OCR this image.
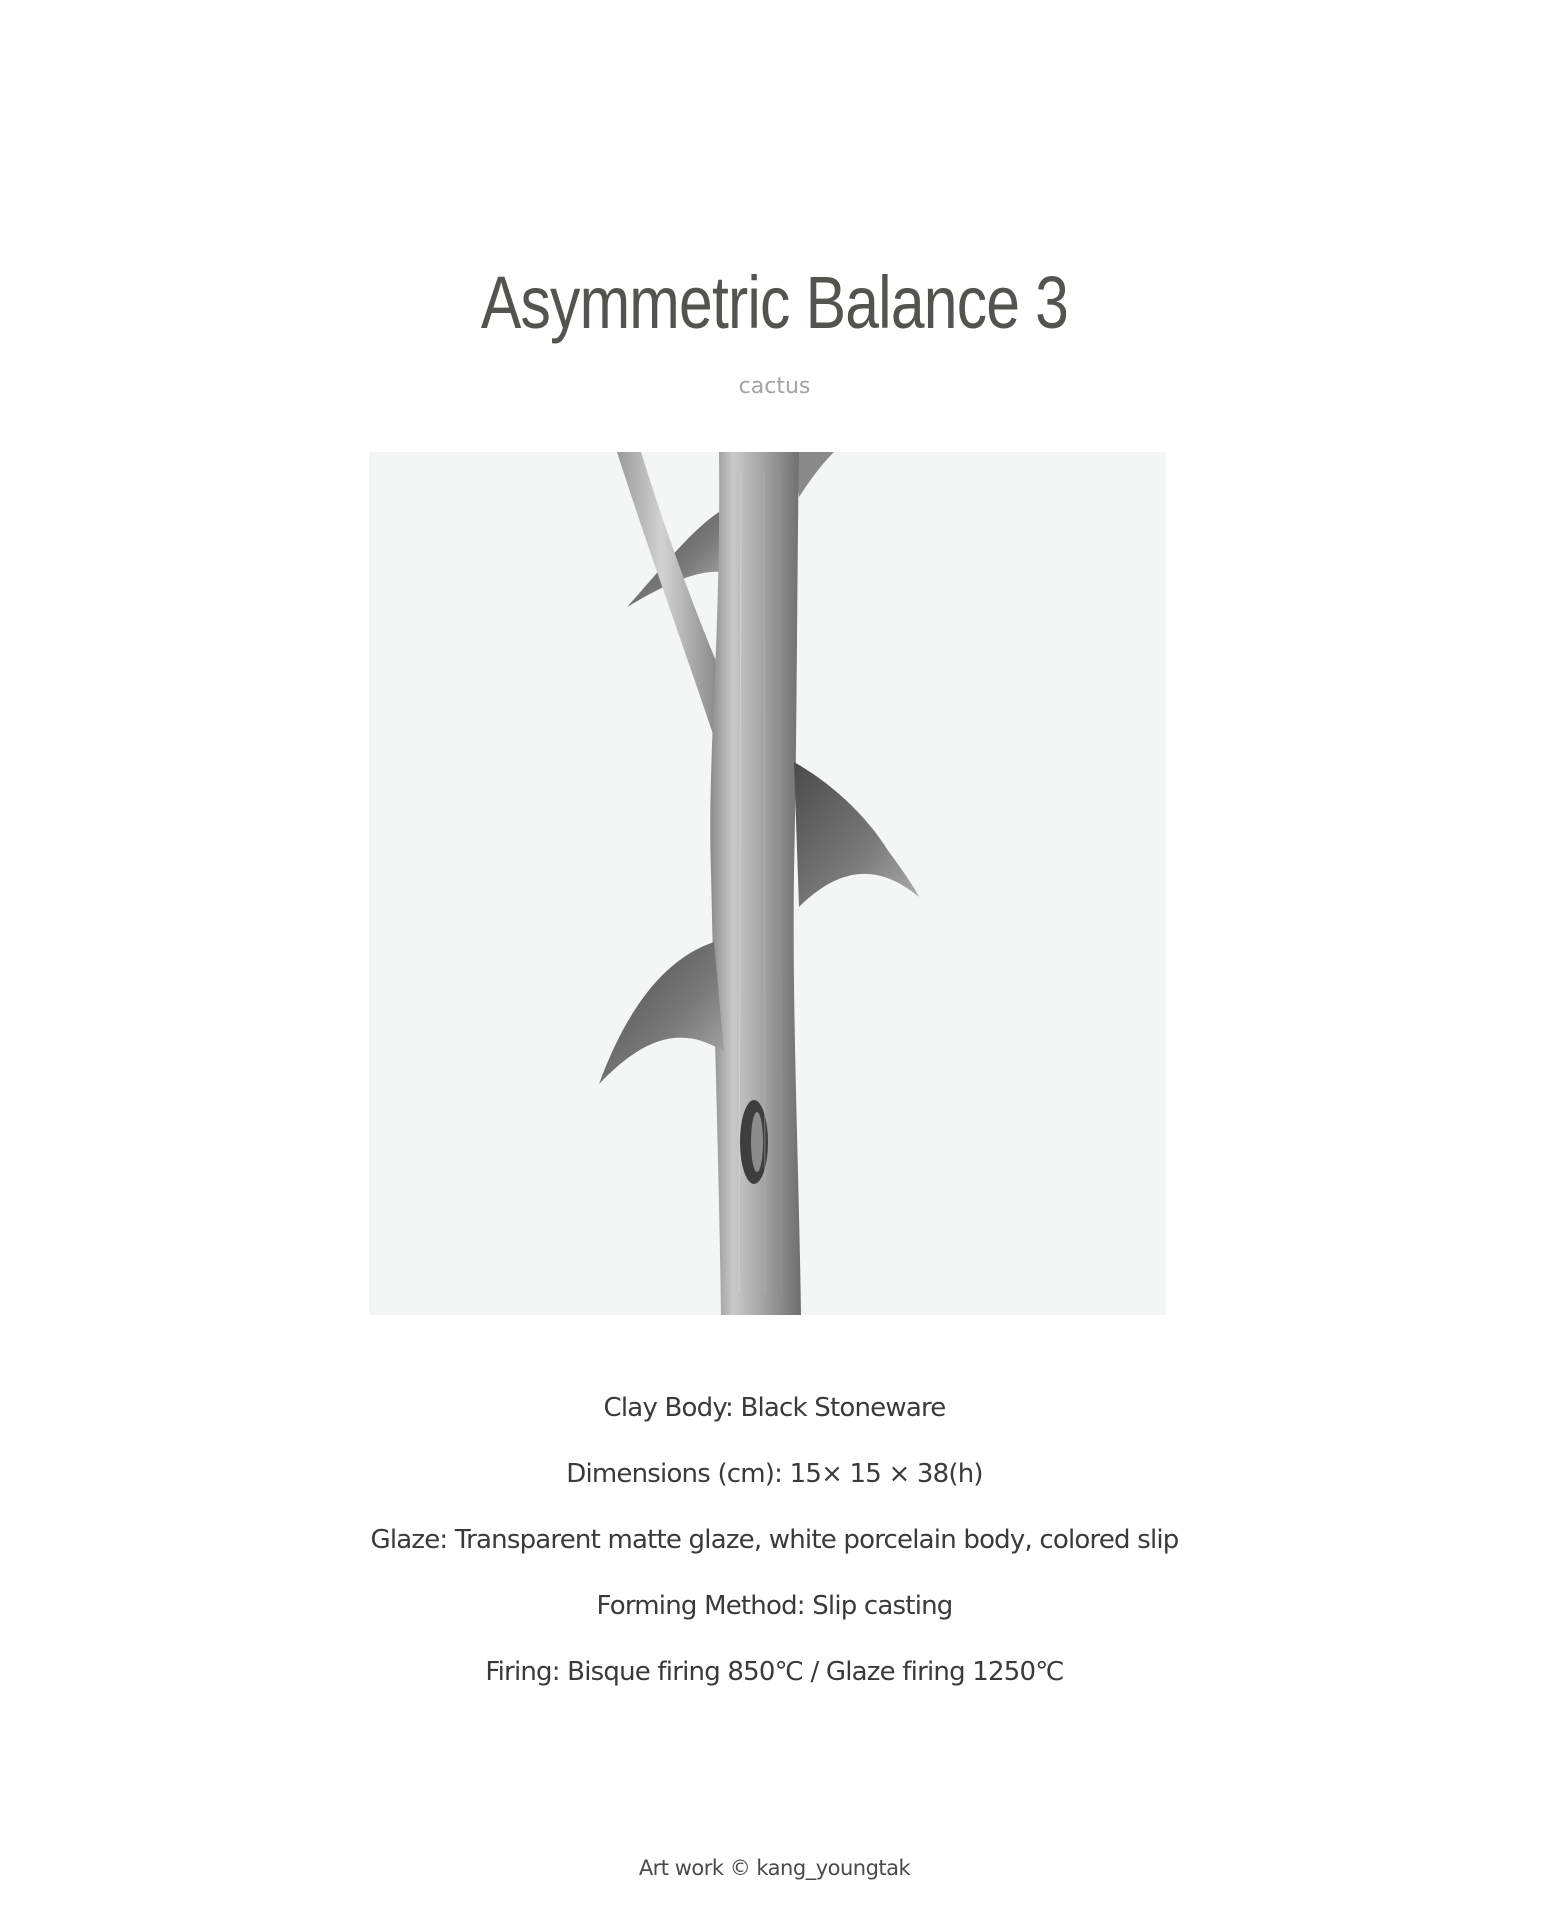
Asymmetric Balance 3
cactus
Clay Body: Black Stoneware
Dimensions (cm): 15× 15 × 38(h)
Glaze: Transparent matte glaze, white porcelain body, colored slip
Forming Method: Slip casting
Firing: Bisque firing 850℃ / Glaze firing 1250℃
Art work © kang_youngtak
